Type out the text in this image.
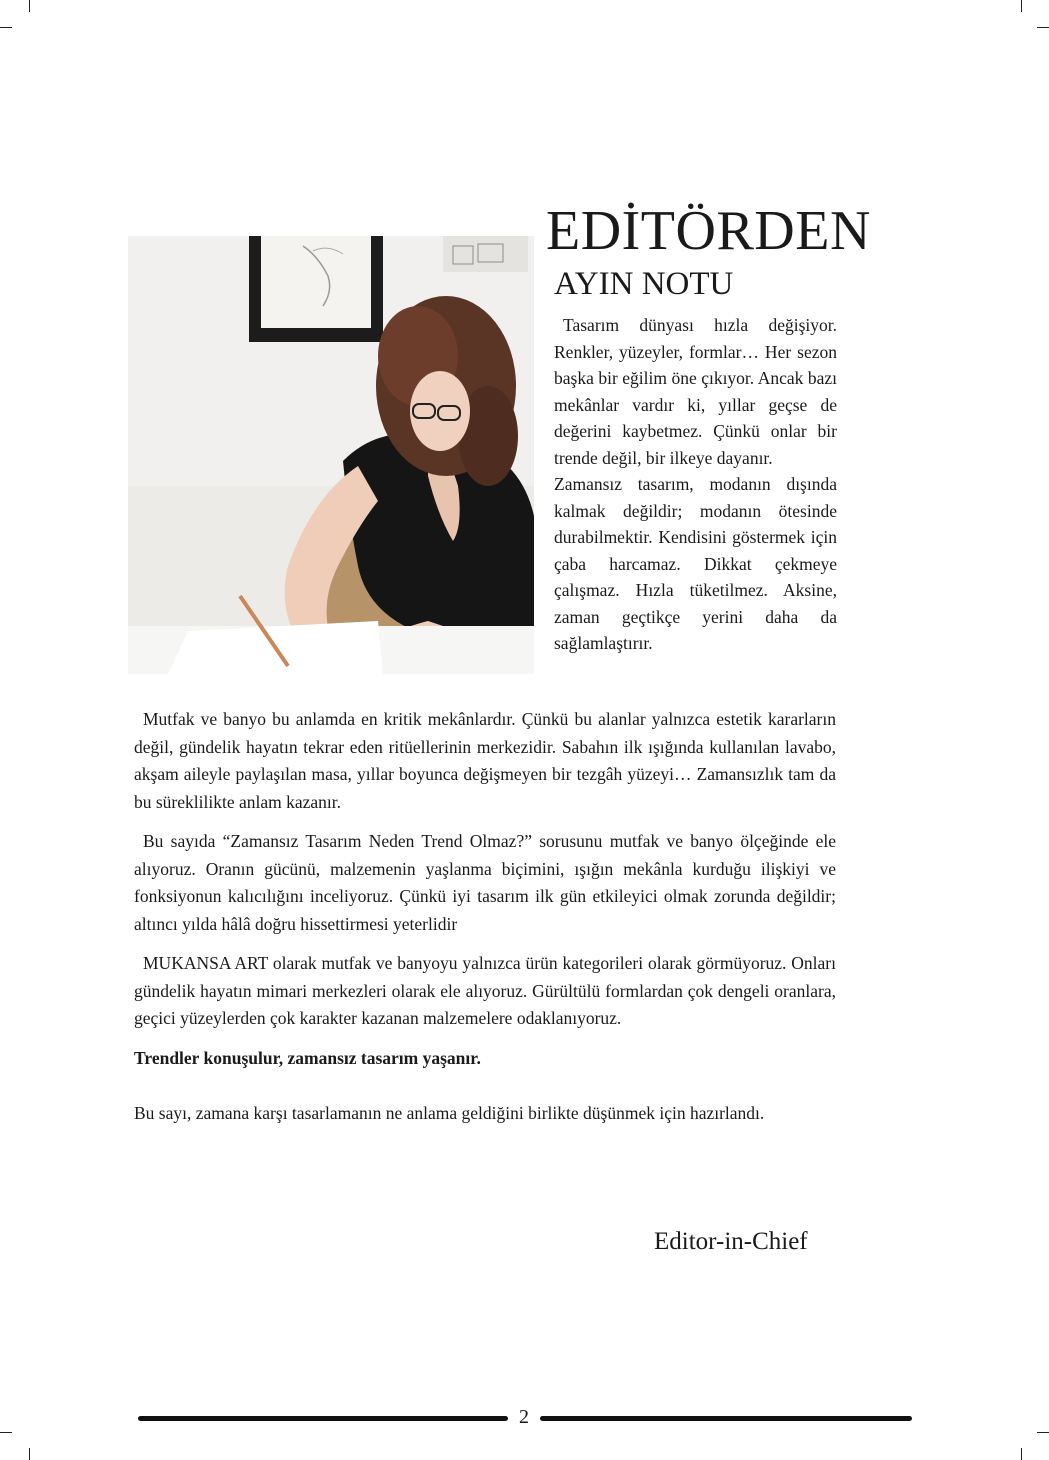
EDİTÖRDEN
AYIN NOTU

Tasarım dünyası hızla değişiyor. Renkler, yüzeyler, formlar… Her sezon başka bir eğilim öne çıkıyor. Ancak bazı mekânlar vardır ki, yıllar geçse de değerini kaybetmez. Çünkü onlar bir trende değil, bir ilkeye dayanır.

Zamansız tasarım, modanın dışında kalmak değildir; modanın ötesinde durabilmektir. Kendisini göstermek için çaba harcamaz. Dikkat çekmeye çalışmaz. Hızla tüketilmez. Aksine, zaman geçtikçe yerini daha da sağlamlaştırır.

Mutfak ve banyo bu anlamda en kritik mekânlardır. Çünkü bu alanlar yalnızca estetik kararların değil, gündelik hayatın tekrar eden ritüellerinin merkezidir. Sabahın ilk ışığında kullanılan lavabo, akşam aileyle paylaşılan masa, yıllar boyunca değişmeyen bir tezgâh yüzeyi… Zamansızlık tam da bu süreklilikte anlam kazanır.

Bu sayıda “Zamansız Tasarım Neden Trend Olmaz?” sorusunu mutfak ve banyo ölçeğinde ele alıyoruz. Oranın gücünü, malzemenin yaşlanma biçimini, ışığın mekânla kurduğu ilişkiyi ve fonksiyonun kalıcılığını inceliyoruz. Çünkü iyi tasarım ilk gün etkileyici olmak zorunda değildir; altıncı yılda hâlâ doğru hissettirmesi yeterlidir

MUKANSA ART olarak mutfak ve banyoyu yalnızca ürün kategorileri olarak görmüyoruz. Onları gündelik hayatın mimari merkezleri olarak ele alıyoruz. Gürültülü formlardan çok dengeli oranlara, geçici yüzeylerden çok karakter kazanan malzemelere odaklanıyoruz.

Trendler konuşulur, zamansız tasarım yaşanır.

Bu sayı, zamana karşı tasarlamanın ne anlama geldiğini birlikte düşünmek için hazırlandı.

Editor-in-Chief
2
